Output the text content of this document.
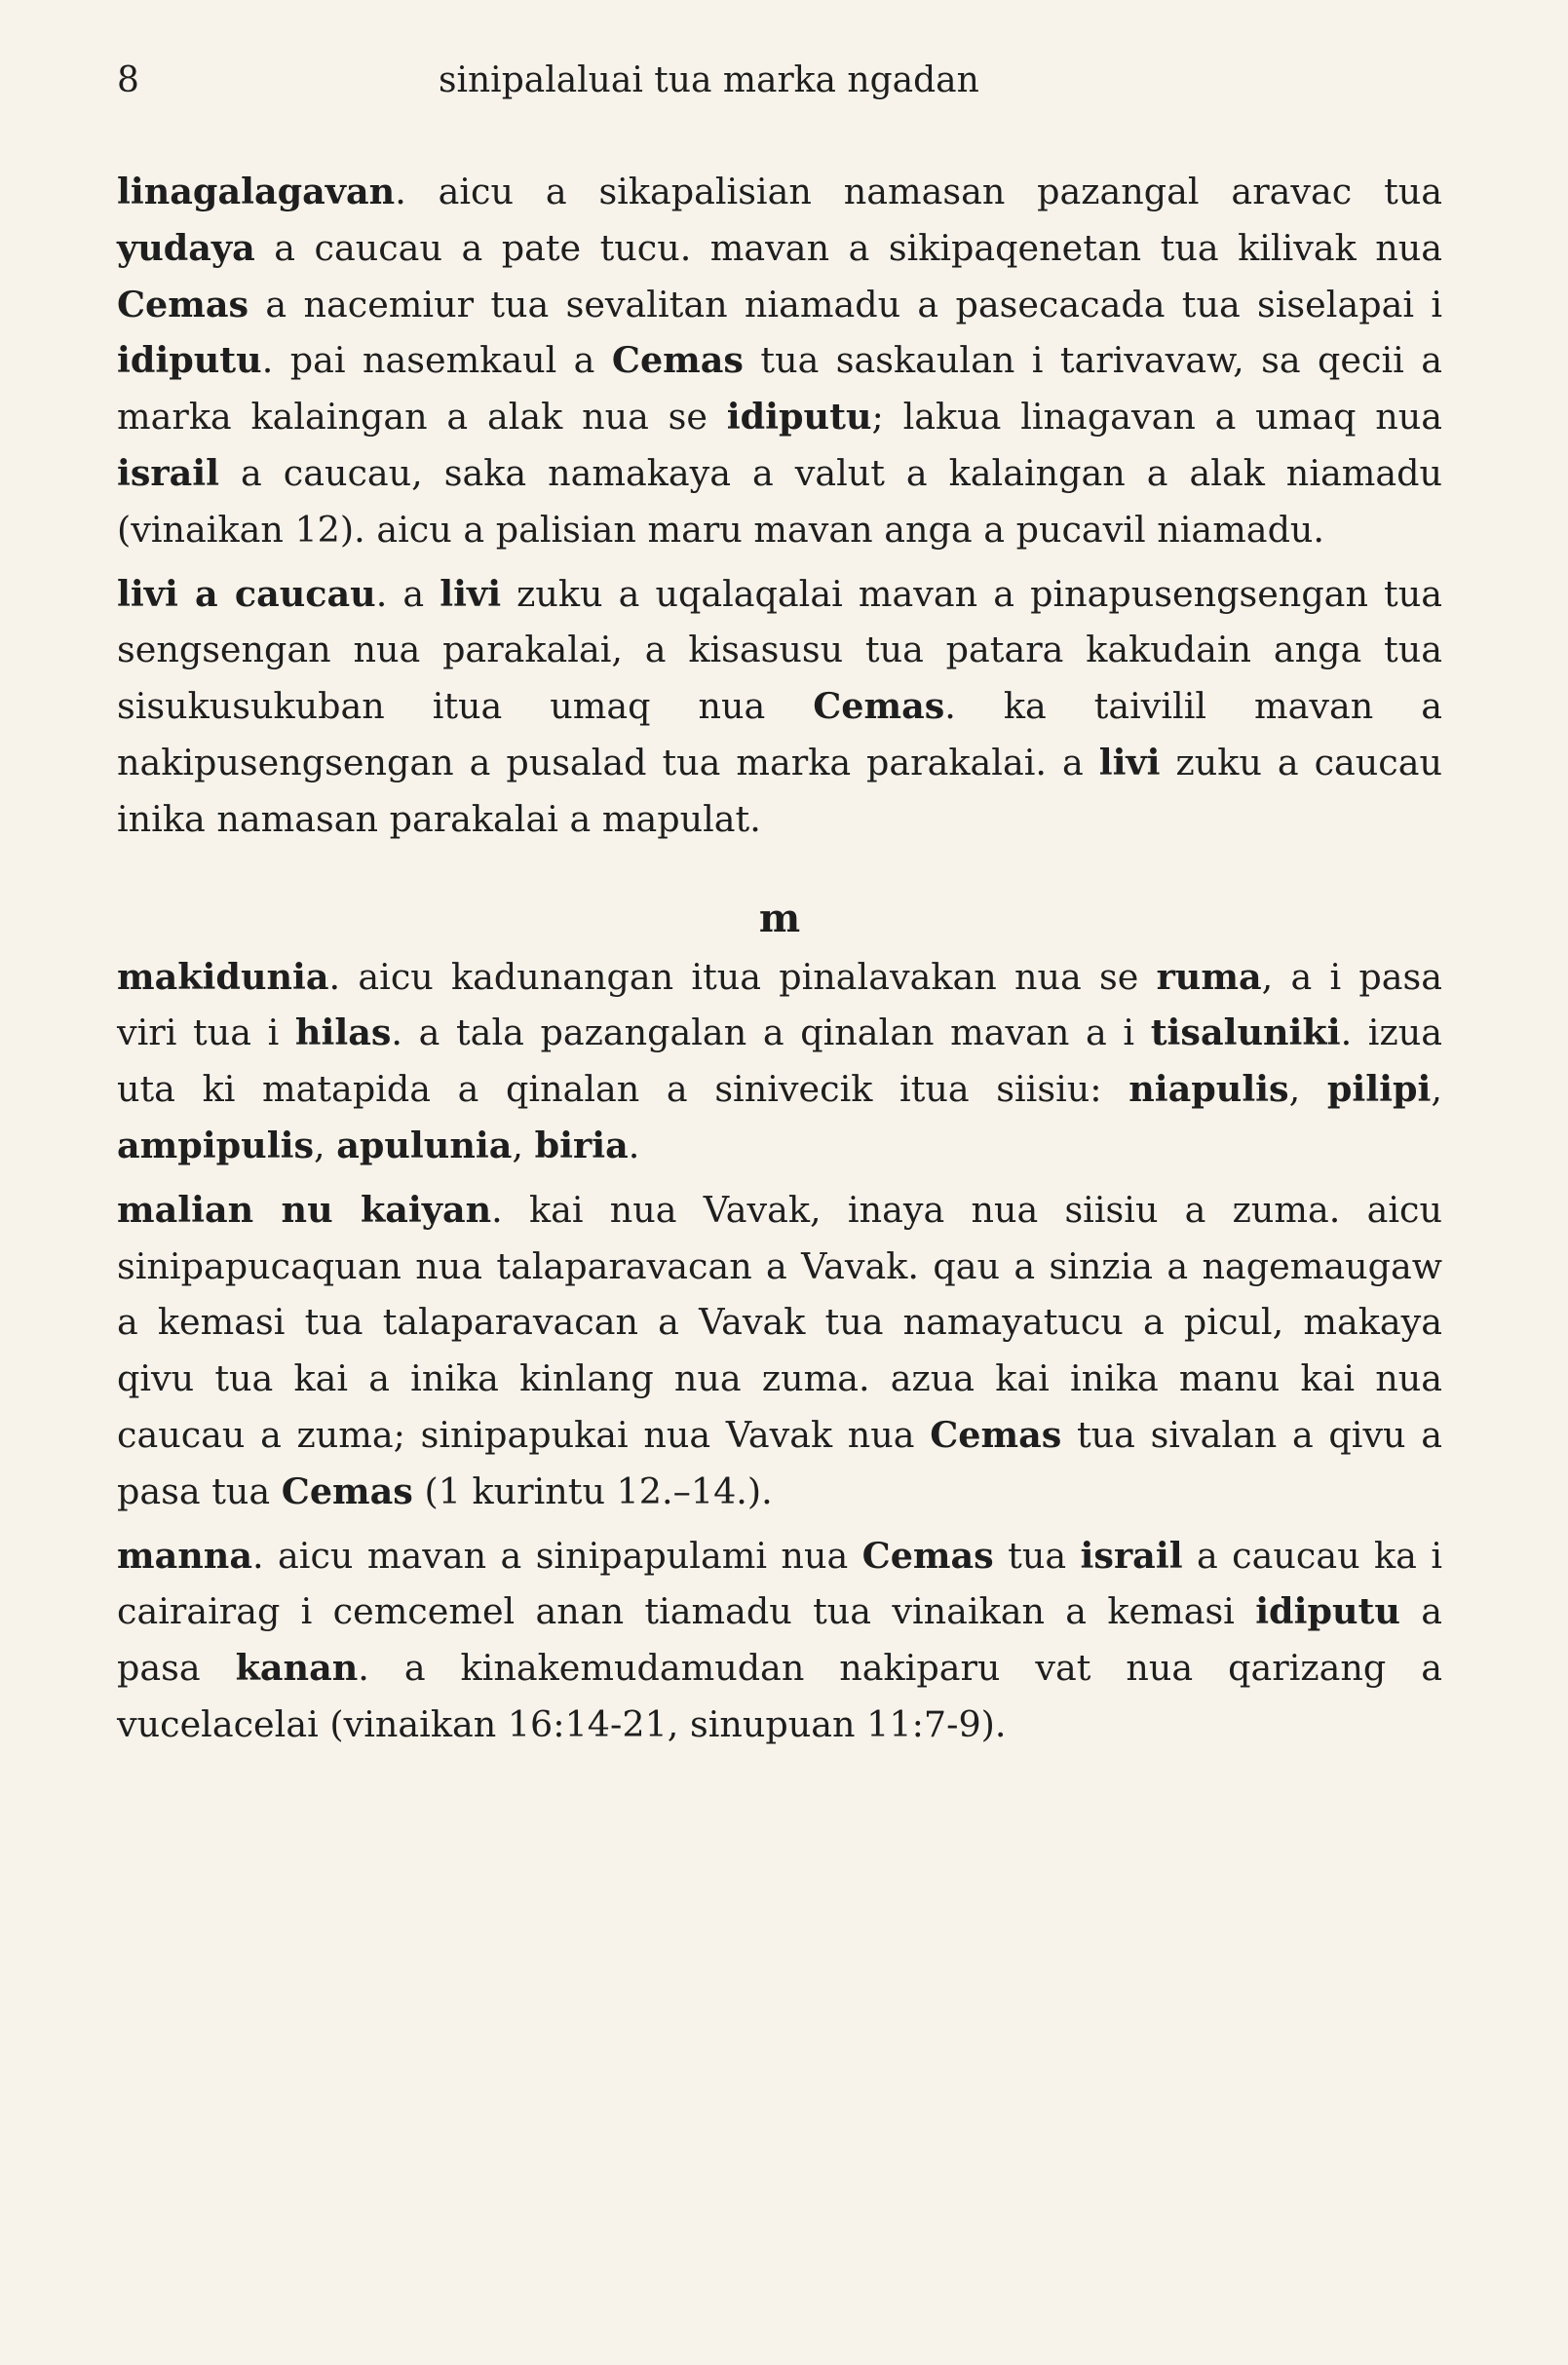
8	sinipalaluai tua marka ngadan

linagalagavan. aicu a sikapalisian namasan pazangal aravac tua yudaya a caucau a pate tucu. mavan a sikipaqenetan tua kilivak nua Cemas a nacemiur tua sevalitan niamadu a pasecacada tua siselapai i idiputu. pai nasemkaul a Cemas tua saskaulan i tarivavaw, sa qecii a marka kalaingan a alak nua se idiputu; lakua linagavan a umaq nua israil a caucau, saka namakaya a valut a kalaingan a alak niamadu (vinaikan 12). aicu a palisian maru mavan anga a pucavil niamadu.

livi a caucau. a livi zuku a uqalaqalai mavan a pinapusengsengan tua sengsengan nua parakalai, a kisasusu tua patara kakudain anga tua sisukusukuban itua umaq nua Cemas. ka taivilil mavan a nakipusengsengan a pusalad tua marka parakalai. a livi zuku a caucau inika namasan parakalai a mapulat.

m

makidunia. aicu kadunangan itua pinalavakan nua se ruma, a i pasa viri tua i hilas. a tala pazangalan a qinalan mavan a i tisaluniki. izua uta ki matapida a qinalan a sinivecik itua siisiu: niapulis, pilipi, ampipulis, apulunia, biria.

malian nu kaiyan. kai nua Vavak, inaya nua siisiu a zuma. aicu sinipapucaquan nua talaparavacan a Vavak. qau a sinzia a nagemaugaw a kemasi tua talaparavacan a Vavak tua namayatucu a picul, makaya qivu tua kai a inika kinlang nua zuma. azua kai inika manu kai nua caucau a zuma; sinipapukai nua Vavak nua Cemas tua sivalan a qivu a pasa tua Cemas (1 kurintu 12.–14.).

manna. aicu mavan a sinipapulami nua Cemas tua israil a caucau ka i cairairag i cemcemel anan tiamadu tua vinaikan a kemasi idiputu a pasa kanan. a kinakemudamudan nakiparu vat nua qarizang a vucelacelai (vinaikan 16:14-21, sinupuan 11:7-9).
